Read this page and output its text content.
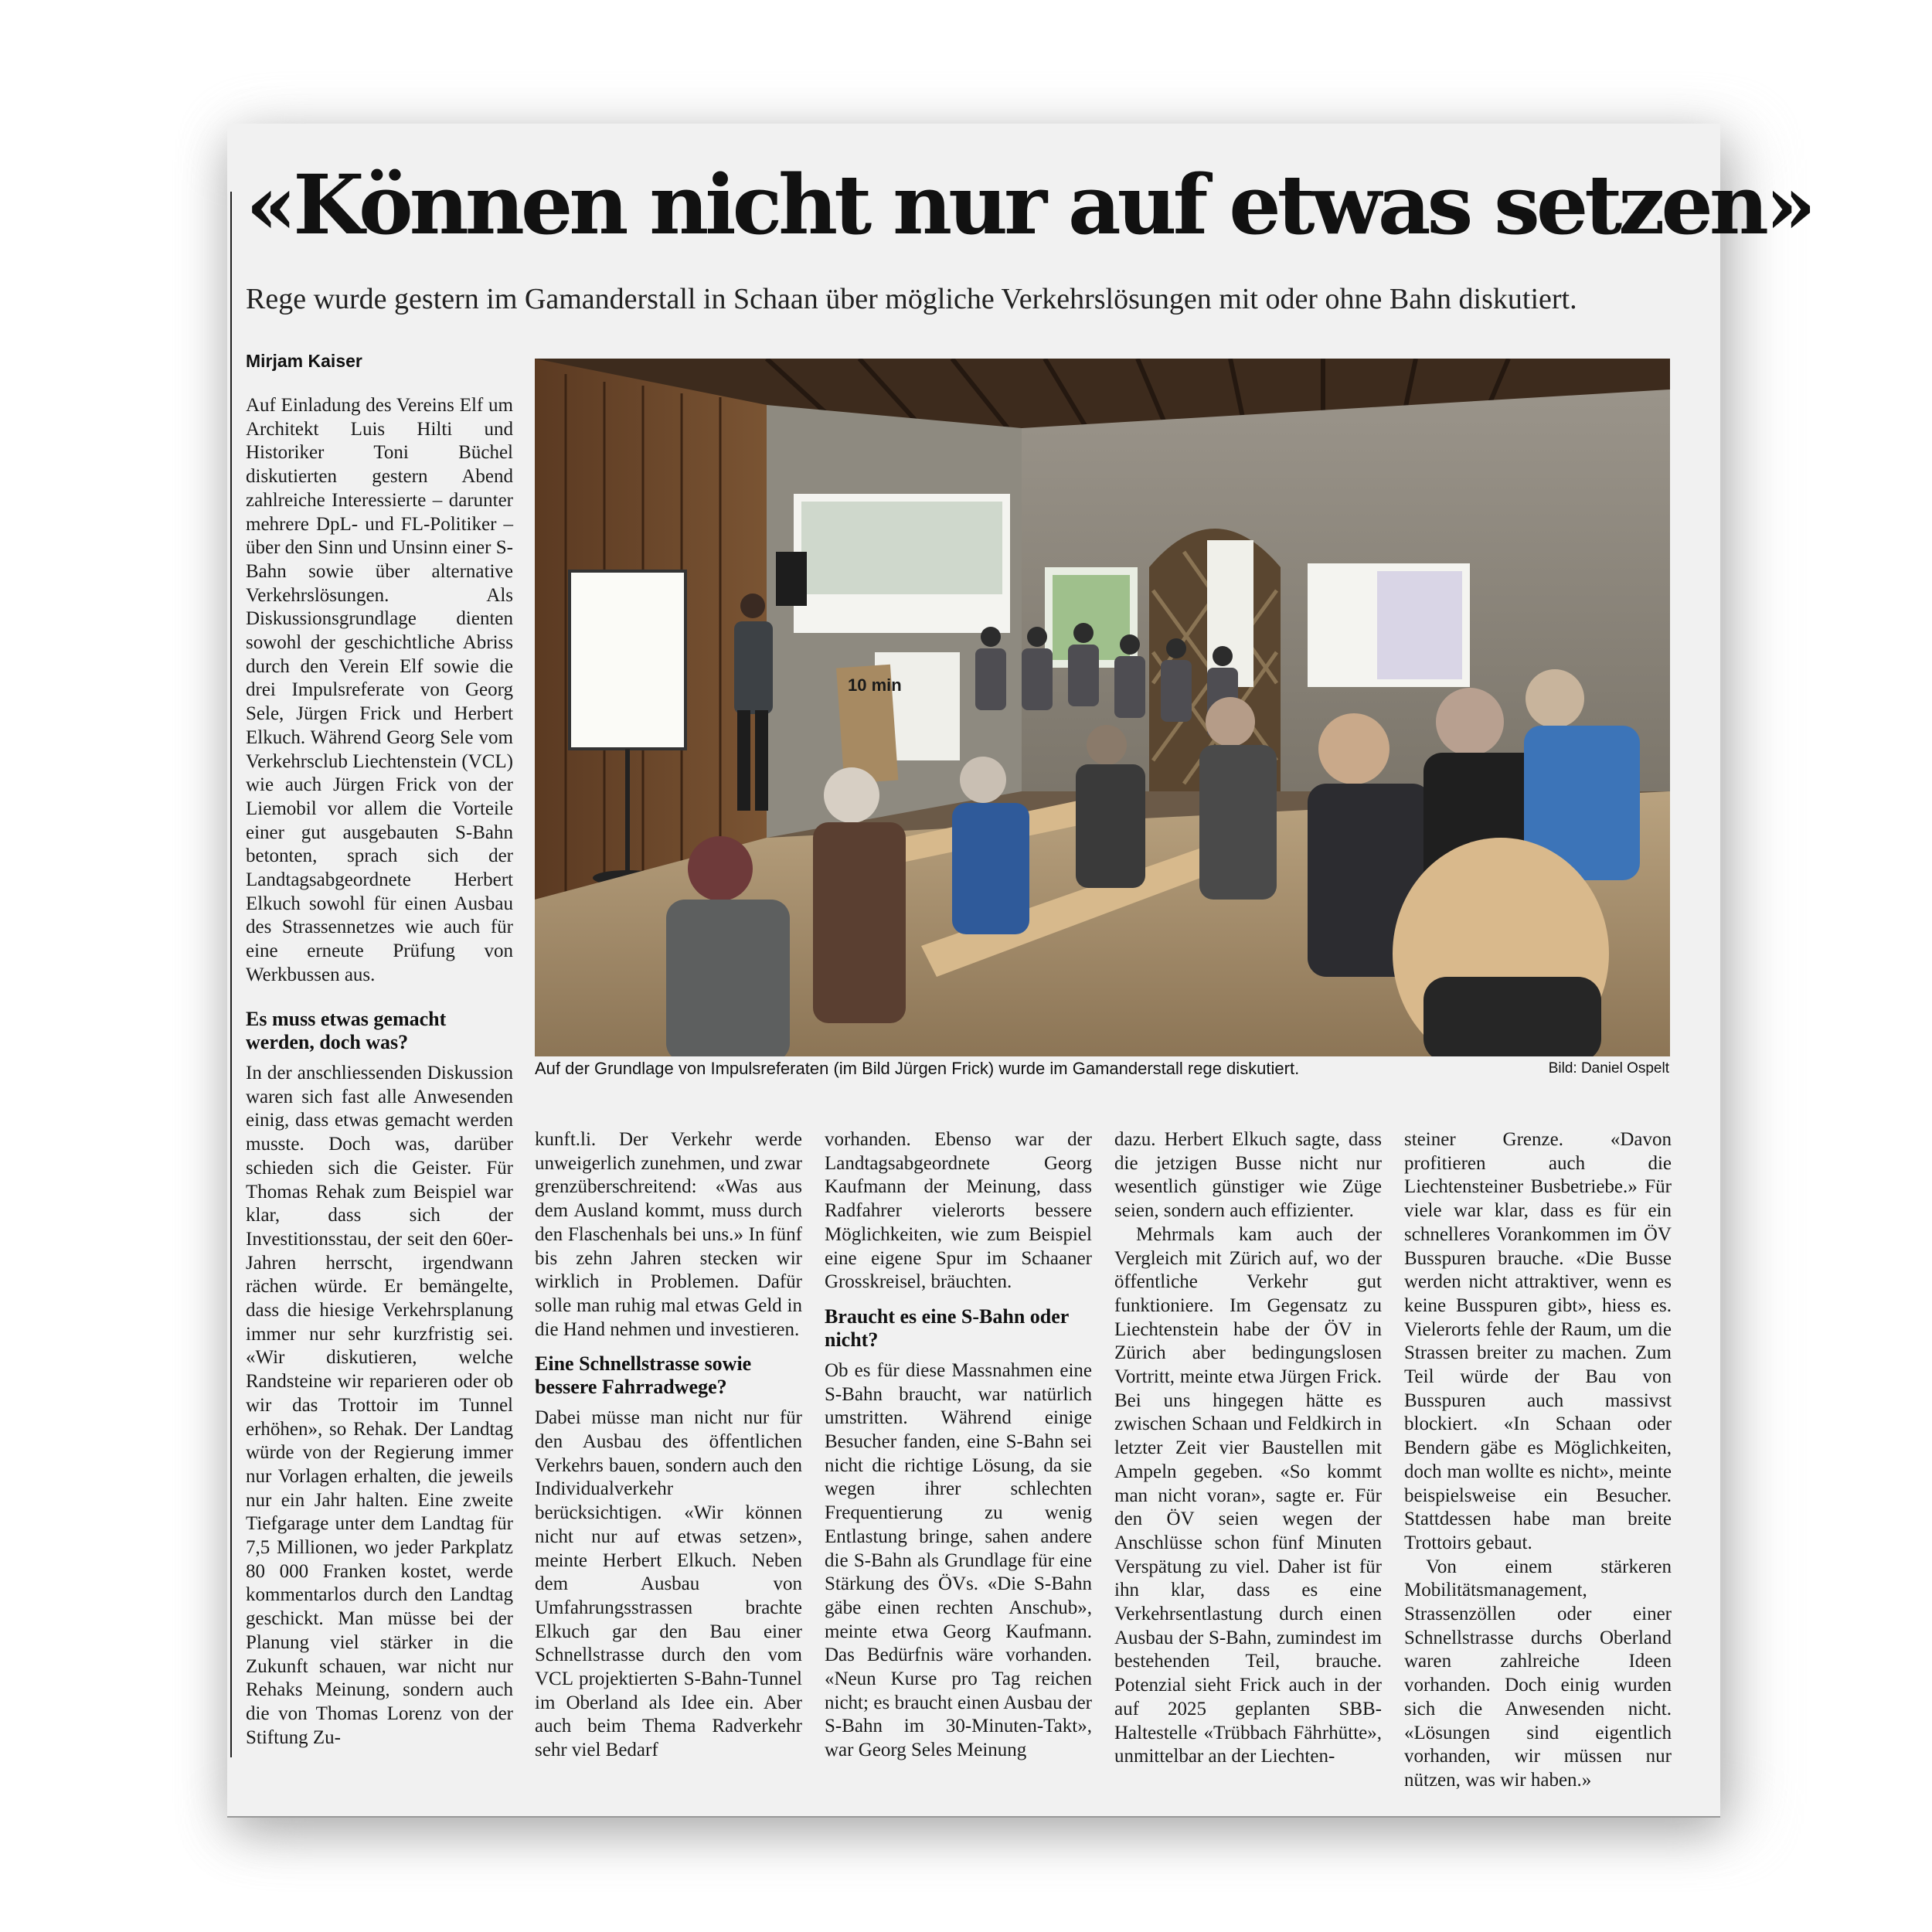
«Können nicht nur auf etwas setzen»
Rege wurde gestern im Gamanderstall in Schaan über mögliche Verkehrslösungen mit oder ohne Bahn diskutiert.
Mirjam Kaiser

Auf Einladung des Vereins Elf um Architekt Luis Hilti und Historiker Toni Büchel diskutierten gestern Abend zahlreiche Interessierte – darunter mehrere DpL- und FL-Politiker – über den Sinn und Unsinn einer S-Bahn sowie über alternative Verkehrslösungen. Als Diskussionsgrundlage dienten sowohl der geschichtliche Abriss durch den Verein Elf sowie die drei Impulsreferate von Georg Sele, Jürgen Frick und Herbert Elkuch. Während Georg Sele vom Verkehrsclub Liechtenstein (VCL) wie auch Jürgen Frick von der Liemobil vor allem die Vorteile einer gut ausgebauten S-Bahn betonten, sprach sich der Landtagsabgeordnete Herbert Elkuch sowohl für einen Ausbau des Strassennetzes wie auch für eine erneute Prüfung von Werkbussen aus.

Es muss etwas gemacht werden, doch was?

In der anschliessenden Diskussion waren sich fast alle Anwesenden einig, dass etwas gemacht werden musste. Doch was, darüber schieden sich die Geister. Für Thomas Rehak zum Beispiel war klar, dass sich der Investitionsstau, der seit den 60er-Jahren herrscht, irgendwann rächen würde. Er bemängelte, dass die hiesige Verkehrsplanung immer nur sehr kurzfristig sei. «Wir diskutieren, welche Randsteine wir reparieren oder ob wir das Trottoir im Tunnel erhöhen», so Rehak. Der Landtag würde von der Regierung immer nur Vorlagen erhalten, die jeweils nur ein Jahr halten. Eine zweite Tiefgarage unter dem Landtag für 7,5 Millionen, wo jeder Parkplatz 80 000 Franken kostet, werde kommentarlos durch den Landtag geschickt. Man müsse bei der Planung viel stärker in die Zukunft schauen, war nicht nur Rehaks Meinung, sondern auch die von Thomas Lorenz von der Stiftung Zu-

kunft.li. Der Verkehr werde unweigerlich zunehmen, und zwar grenzüberschreitend: «Was aus dem Ausland kommt, muss durch den Flaschenhals bei uns.» In fünf bis zehn Jahren stecken wir wirklich in Problemen. Dafür solle man ruhig mal etwas Geld in die Hand nehmen und investieren.

Eine Schnellstrasse sowie bessere Fahrradwege?

Dabei müsse man nicht nur für den Ausbau des öffentlichen Verkehrs bauen, sondern auch den Individualverkehr berücksichtigen. «Wir können nicht nur auf etwas setzen», meinte Herbert Elkuch. Neben dem Ausbau von Umfahrungsstrassen brachte Elkuch gar den Bau einer Schnellstrasse durch den vom VCL projektierten S-Bahn-Tunnel im Oberland als Idee ein. Aber auch beim Thema Radverkehr sehr viel Bedarf

vorhanden. Ebenso war der Landtagsabgeordnete Georg Kaufmann der Meinung, dass Radfahrer vielerorts bessere Möglichkeiten, wie zum Beispiel eine eigene Spur im Schaaner Grosskreisel, bräuchten.

Braucht es eine S-Bahn oder nicht?

Ob es für diese Massnahmen eine S-Bahn braucht, war natürlich umstritten. Während einige Besucher fanden, eine S-Bahn sei nicht die richtige Lösung, da sie wegen ihrer schlechten Frequentierung zu wenig Entlastung bringe, sahen andere die S-Bahn als Grundlage für eine Stärkung des ÖVs. «Die S-Bahn gäbe einen rechten Anschub», meinte etwa Georg Kaufmann. Das Bedürfnis wäre vorhanden. «Neun Kurse pro Tag reichen nicht; es braucht einen Ausbau der S-Bahn im 30-Minuten-Takt», war Georg Seles Meinung

dazu. Herbert Elkuch sagte, dass die jetzigen Busse nicht nur wesentlich günstiger wie Züge seien, sondern auch effizienter.

Mehrmals kam auch der Vergleich mit Zürich auf, wo der öffentliche Verkehr gut funktioniere. Im Gegensatz zu Liechtenstein habe der ÖV in Zürich aber bedingungslosen Vortritt, meinte etwa Jürgen Frick. Bei uns hingegen hätte es zwischen Schaan und Feldkirch in letzter Zeit vier Baustellen mit Ampeln gegeben. «So kommt man nicht voran», sagte er. Für den ÖV seien wegen der Anschlüsse schon fünf Minuten Verspätung zu viel. Daher ist für ihn klar, dass es eine Verkehrsentlastung durch einen Ausbau der S-Bahn, zumindest im bestehenden Teil, brauche. Potenzial sieht Frick auch in der auf 2025 geplanten SBB-Haltestelle «Trübbach Fährhütte», unmittelbar an der Liechten-

steiner Grenze. «Davon profitieren auch die Liechtensteiner Busbetriebe.» Für viele war klar, dass es für ein schnelleres Vorankommen im ÖV Busspuren brauche. «Die Busse werden nicht attraktiver, wenn es keine Busspuren gibt», hiess es. Vielerorts fehle der Raum, um die Strassen breiter zu machen. Zum Teil würde der Bau von Busspuren auch massivst blockiert. «In Schaan oder Bendern gäbe es Möglichkeiten, doch man wollte es nicht», meinte beispielsweise ein Besucher. Stattdessen habe man breite Trottoirs gebaut.

Von einem stärkeren Mobilitätsmanagement, Strassenzöllen oder einer Schnellstrasse durchs Oberland waren zahlreiche Ideen vorhanden. Doch einig wurden sich die Anwesenden nicht. «Lösungen sind eigentlich vorhanden, wir müssen nur nützen, was wir haben.»

10 min
Auf der Grundlage von Impulsreferaten (im Bild Jürgen Frick) wurde im Gamanderstall rege diskutiert.	Bild: Daniel Ospelt
